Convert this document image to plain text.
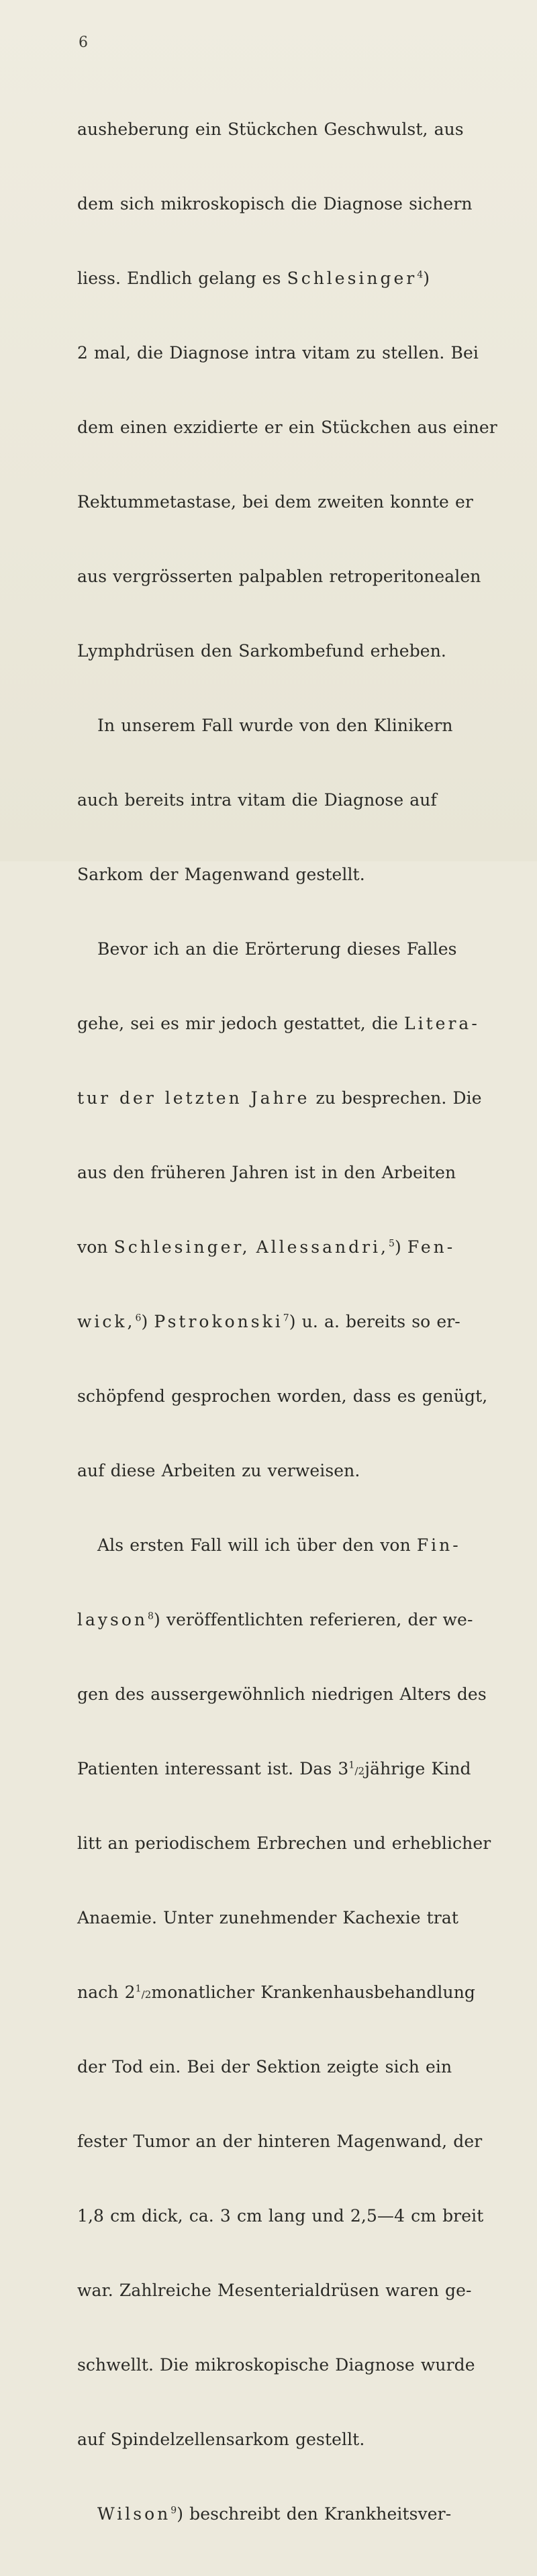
6

ausheberung ein Stückchen Geschwulst, aus

dem sich mikroskopisch die Diagnose sichern

liess. Endlich gelang es Schlesinger$^4$)

2 mal, die Diagnose intra vitam zu stellen. Bei

dem einen exzidierte er ein Stückchen aus einer

Rektummetastase, bei dem zweiten konnte er

aus vergrösserten palpablen retroperitonealen

Lymphdrüsen den Sarkombefund erheben.

In unserem Fall wurde von den Klinikern

auch bereits intra vitam die Diagnose auf

Sarkom der Magenwand gestellt.

Bevor ich an die Erörterung dieses Falles

gehe, sei es mir jedoch gestattet, die Litera-

tur der letzten Jahre zu besprechen. Die

aus den früheren Jahren ist in den Arbeiten

von Schlesinger, Allessandri,$^5$) Fen-

wick,$^6$) Pstrokonski$^7$) u. a. bereits so er-

schöpfend gesprochen worden, dass es genügt,

auf diese Arbeiten zu verweisen.

Als ersten Fall will ich über den von Fin-

layson$^8$) veröffentlichten referieren, der we-

gen des aussergewöhnlich niedrigen Alters des

Patienten interessant ist. Das $3^1/2jährige$ Kind

litt an periodischem Erbrechen und erheblicher

Anaemie. Unter zunehmender Kachexie trat

nach $2^1/2monatlicher$ Krankenhausbehandlung

der Tod ein. Bei der Sektion zeigte sich ein

fester Tumor an der hinteren Magenwand, der

1,8 cm dick, ca. 3 cm lang und 2,5—4 cm breit

war. Zahlreiche Mesenterialdrüsen waren ge-

schwellt. Die mikroskopische Diagnose wurde

auf Spindelzellensarkom gestellt.

Wilson$^9$) beschreibt den Krankheitsver-
